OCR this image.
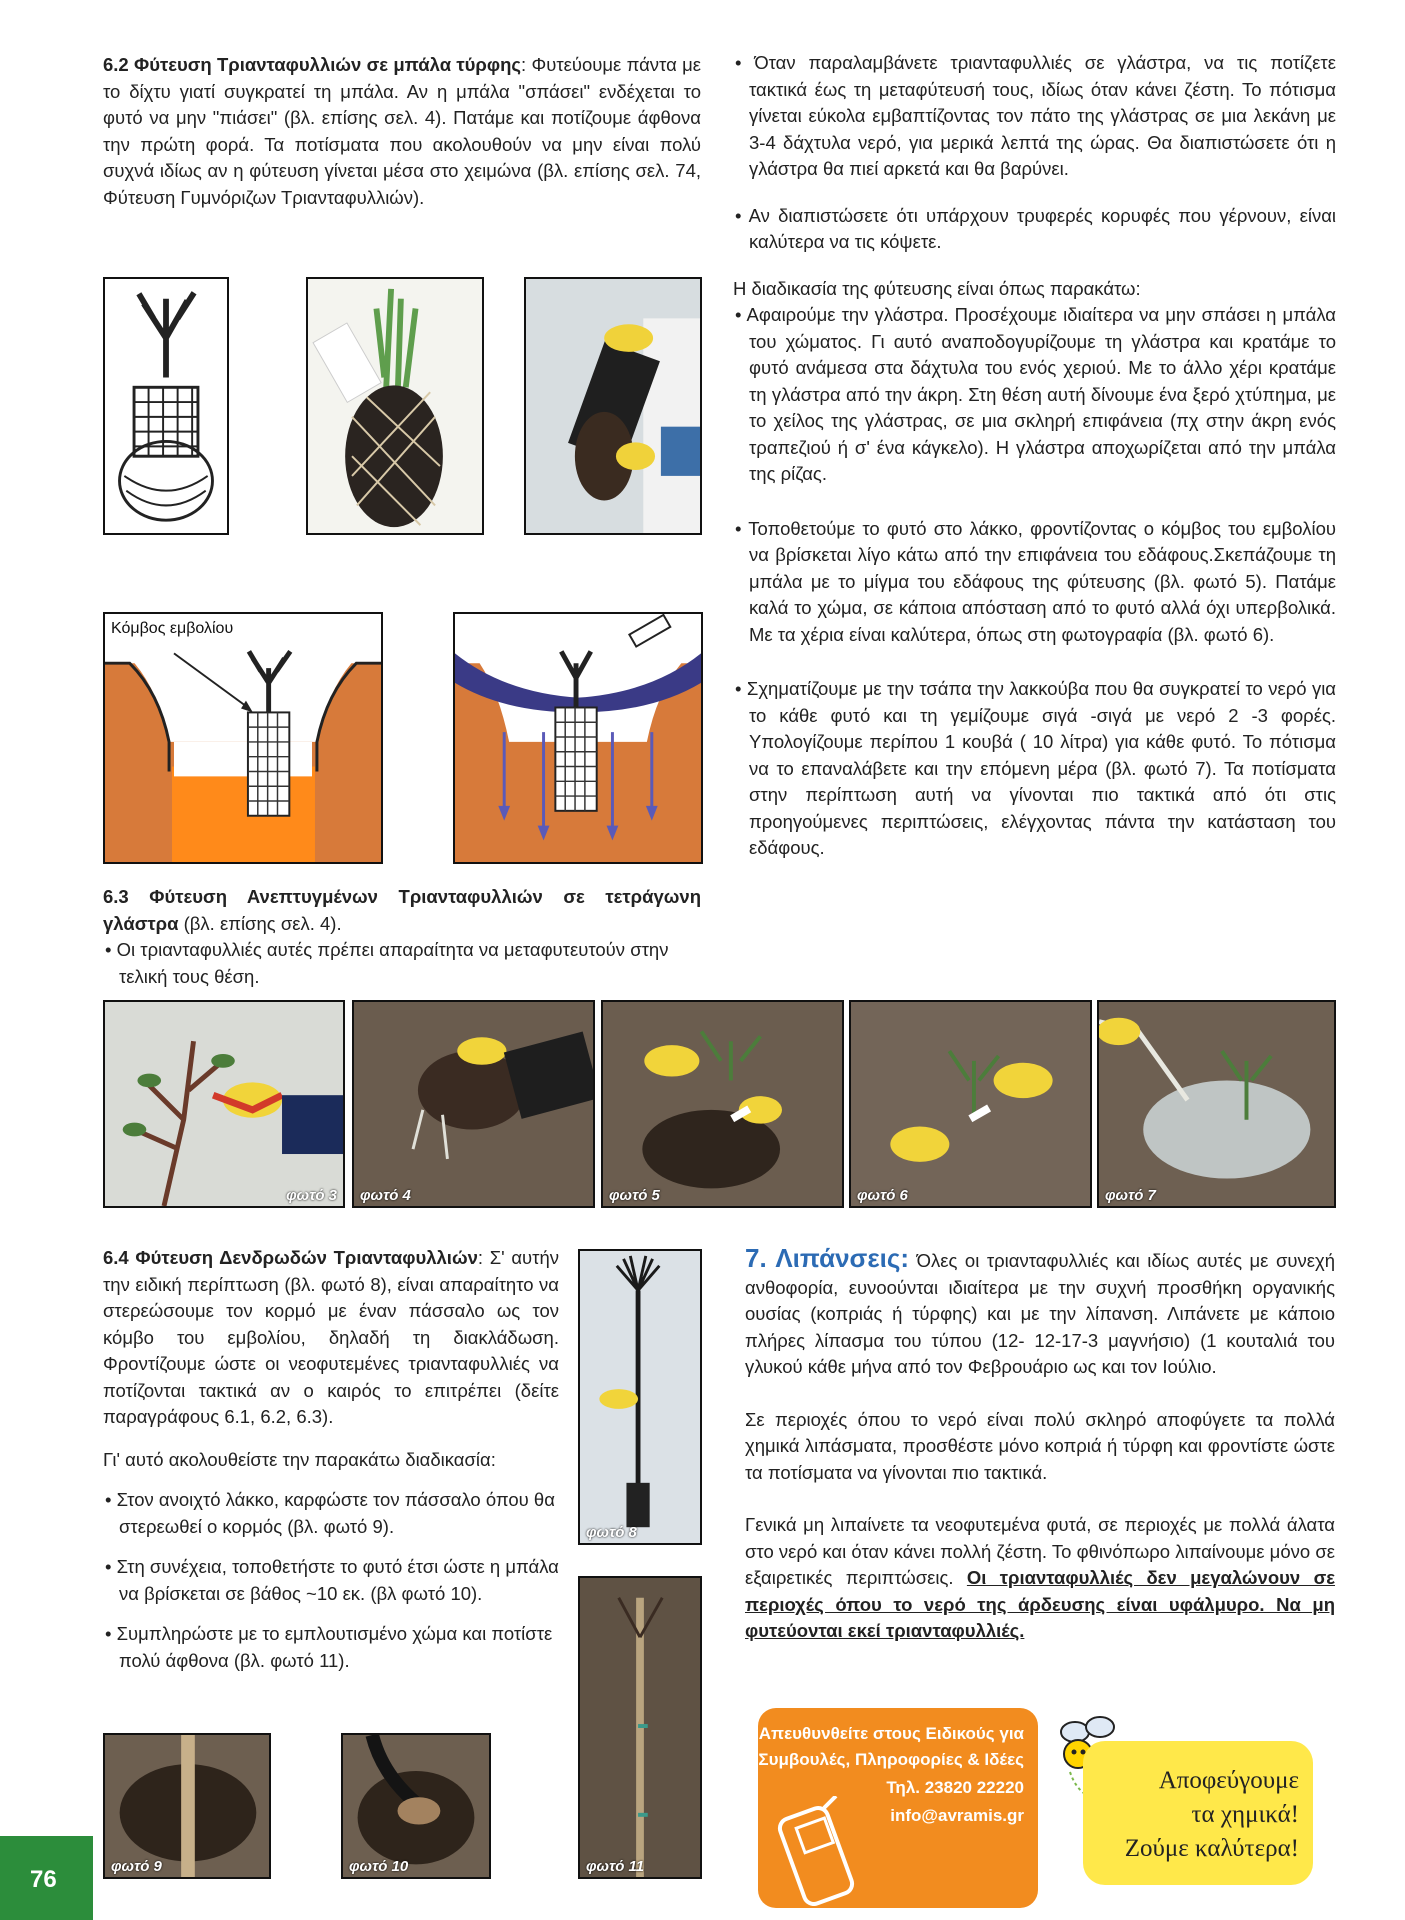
6.2 Φύτευση Τριανταφυλλιών σε μπάλα τύρφης: Φυτεύουμε πάντα με το δίχτυ γιατί συγκρατεί τη μπάλα. Αν η μπάλα "σπάσει" ενδέχεται το φυτό να μην "πιάσει" (βλ. επίσης σελ. 4). Πατάμε και ποτίζουμε άφθονα την πρώτη φορά. Τα ποτίσματα που ακολουθούν να μην είναι πολύ συχνά ιδίως αν η φύτευση γίνεται μέσα στο χειμώνα (βλ. επίσης σελ. 74, Φύτευση Γυμνόριζων Τριανταφυλλιών).

Κόμβος εμβολίου

6.3 Φύτευση Ανεπτυγμένων Τριανταφυλλιών σε τετράγωνη γλάστρα (βλ. επίσης σελ. 4).

• Οι τριανταφυλλιές αυτές πρέπει απαραίτητα να μεταφυτευτούν στην τελική τους θέση.

• Όταν παραλαμβάνετε τριανταφυλλιές σε γλάστρα, να τις ποτίζετε τακτικά έως τη μεταφύτευσή τους, ιδίως όταν κάνει ζέστη. Το πότισμα γίνεται εύκολα εμβαπτίζοντας τον πάτο της γλάστρας σε μια λεκάνη με 3-4 δάχτυλα νερό, για μερικά λεπτά της ώρας. Θα διαπιστώσετε ότι η γλάστρα θα πιεί αρκετά και θα βαρύνει.

• Αν διαπιστώσετε ότι υπάρχουν τρυφερές κορυφές που γέρνουν, είναι καλύτερα να τις κόψετε.

Η διαδικασία της φύτευσης είναι όπως παρακάτω:

• Αφαιρούμε την γλάστρα. Προσέχουμε ιδιαίτερα να μην σπάσει η μπάλα του χώματος. Γι αυτό αναποδογυρίζουμε τη γλάστρα και κρατάμε το φυτό ανάμεσα στα δάχτυλα του ενός χεριού. Με το άλλο χέρι κρατάμε τη γλάστρα από την άκρη. Στη θέση αυτή δίνουμε ένα ξερό χτύπημα, με το χείλος της γλάστρας, σε μια σκληρή επιφάνεια (πχ στην άκρη ενός τραπεζιού ή σ' ένα κάγκελο). Η γλάστρα αποχωρίζεται από την μπάλα της ρίζας.

• Τοποθετούμε το φυτό στο λάκκο, φροντίζοντας ο κόμβος του εμβολίου να βρίσκεται λίγο κάτω από την επιφάνεια του εδάφους.Σκεπάζουμε τη μπάλα με το μίγμα του εδάφους της φύτευσης (βλ. φωτό 5). Πατάμε καλά το χώμα, σε κάποια απόσταση από το φυτό αλλά όχι υπερβολικά. Με τα χέρια είναι καλύτερα, όπως στη φωτογραφία (βλ. φωτό 6).

• Σχηματίζουμε με την τσάπα την λακκούβα που θα συγκρατεί το νερό για το κάθε φυτό και τη γεμίζουμε σιγά -σιγά με νερό 2 -3 φορές. Υπολογίζουμε περίπου 1 κουβά ( 10 λίτρα) για κάθε φυτό. Το πότισμα να το επαναλάβετε και την επόμενη μέρα (βλ. φωτό 7). Τα ποτίσματα στην περίπτωση αυτή να γίνονται πιο τακτικά από ότι στις προηγούμενες περιπτώσεις, ελέγχοντας πάντα την κατάσταση του εδάφους.

φωτό 3 φωτό 4	φωτό 5	φωτό 6	φωτό 7

6.4 Φύτευση Δενδρωδών Τριανταφυλλιών: Σ' αυτήν την ειδική περίπτωση (βλ. φωτό 8), είναι απαραίτητο να στερεώσουμε τον κορμό με έναν πάσσαλο ως τον κόμβο του εμβολίου, δηλαδή τη διακλάδωση. Φροντίζουμε ώστε οι νεοφυτεμένες τριανταφυλλιές να ποτίζονται τακτικά αν ο καιρός το επιτρέπει (δείτε παραγράφους 6.1, 6.2, 6.3).

Γι' αυτό ακολουθείστε την παρακάτω διαδικασία:

• Στον ανοιχτό λάκκο, καρφώστε τον πάσσαλο όπου θα στερεωθεί ο κορμός (βλ. φωτό 9).

• Στη συνέχεια, τοποθετήστε το φυτό έτσι ώστε η μπάλα να βρίσκεται σε βάθος ~10 εκ. (βλ φωτό 10).

• Συμπληρώστε με το εμπλουτισμένο χώμα και ποτίστε πολύ άφθονα (βλ. φωτό 11).

φωτό 8
φωτό 11
φωτό 9	φωτό 10

7. Λιπάνσεις: Όλες οι τριανταφυλλιές και ιδίως αυτές με συνεχή ανθοφορία, ευνοούνται ιδιαίτερα με την συχνή προσθήκη οργανικής ουσίας (κοπριάς ή τύρφης) και με την λίπανση. Λιπάνετε με κάποιο πλήρες λίπασμα του τύπου (12- 12-17-3 μαγνήσιο) (1 κουταλιά του γλυκού κάθε μήνα από τον Φεβρουάριο ως και τον Ιούλιο.

Σε περιοχές όπου το νερό είναι πολύ σκληρό αποφύγετε τα πολλά χημικά λιπάσματα, προσθέστε μόνο κοπριά ή τύρφη και φροντίστε ώστε τα ποτίσματα να γίνονται πιο τακτικά.

Γενικά μη λιπαίνετε τα νεοφυτεμένα φυτά, σε περιοχές με πολλά άλατα στο νερό και όταν κάνει πολλή ζέστη. Το φθινόπωρο λιπαίνουμε μόνο σε εξαιρετικές περιπτώσεις. Οι τριανταφυλλιές δεν μεγαλώνουν σε περιοχές όπου το νερό της άρδευσης είναι υφάλμυρο. Να μη φυτεύονται εκεί τριανταφυλλιές.

Απευθυνθείτε στους Ειδικούς για
Συμβουλές, Πληροφορίες & Ιδέες
Τηλ. 23820 22220
info@avramis.gr
Αποφεύγουμε
τα χημικά!
Ζούμε καλύτερα!
76
